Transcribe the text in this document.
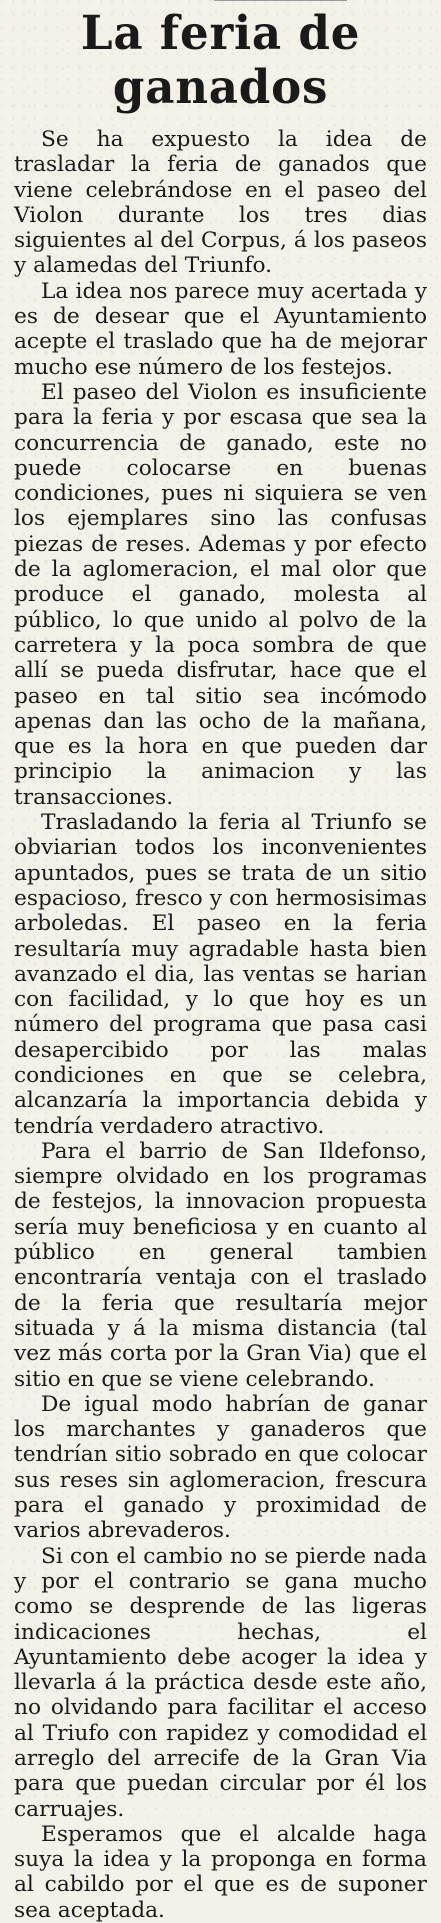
La feria de ganados

Se ha expuesto la idea de trasladar la feria de ganados que viene celebrándose en el paseo del Violon durante los tres dias siguientes al del Corpus, á los paseos y alamedas del Triunfo.

La idea nos parece muy acertada y es de desear que el Ayuntamiento acepte el traslado que ha de mejorar mucho ese número de los festejos.

El paseo del Violon es insuficiente para la feria y por escasa que sea la concurrencia de ganado, este no puede colocarse en buenas condiciones, pues ni siquiera se ven los ejemplares sino las confusas piezas de reses. Ademas y por efecto de la aglomeracion, el mal olor que produce el ganado, molesta al público, lo que unido al polvo de la carretera y la poca sombra de que allí se pueda disfrutar, hace que el paseo en tal sitio sea incómodo apenas dan las ocho de la mañana, que es la hora en que pueden dar principio la animacion y las transacciones.

Trasladando la feria al Triunfo se obviarian todos los inconvenientes apuntados, pues se trata de un sitio espacioso, fresco y con hermosisimas arboledas. El paseo en la feria resultaría muy agradable hasta bien avanzado el dia, las ventas se harian con facilidad, y lo que hoy es un número del programa que pasa casi desapercibido por las malas condiciones en que se celebra, alcanzaría la importancia debida y tendría verdadero atractivo.

Para el barrio de San Ildefonso, siempre olvidado en los programas de festejos, la innovacion propuesta sería muy beneficiosa y en cuanto al público en general tambien encontraría ventaja con el traslado de la feria que resultaría mejor situada y á la misma distancia (tal vez más corta por la Gran Via) que el sitio en que se viene celebrando.

De igual modo habrían de ganar los marchantes y ganaderos que tendrían sitio sobrado en que colocar sus reses sin aglomeracion, frescura para el ganado y proximidad de varios abrevaderos.

Si con el cambio no se pierde nada y por el contrario se gana mucho como se desprende de las ligeras indicaciones hechas, el Ayuntamiento debe acoger la idea y llevarla á la práctica desde este año, no olvidando para facilitar el acceso al Triufo con rapidez y comodidad el arreglo del arrecife de la Gran Via para que puedan circular por él los carruajes.

Esperamos que el alcalde haga suya la idea y la proponga en forma al cabildo por el que es de suponer sea aceptada.
